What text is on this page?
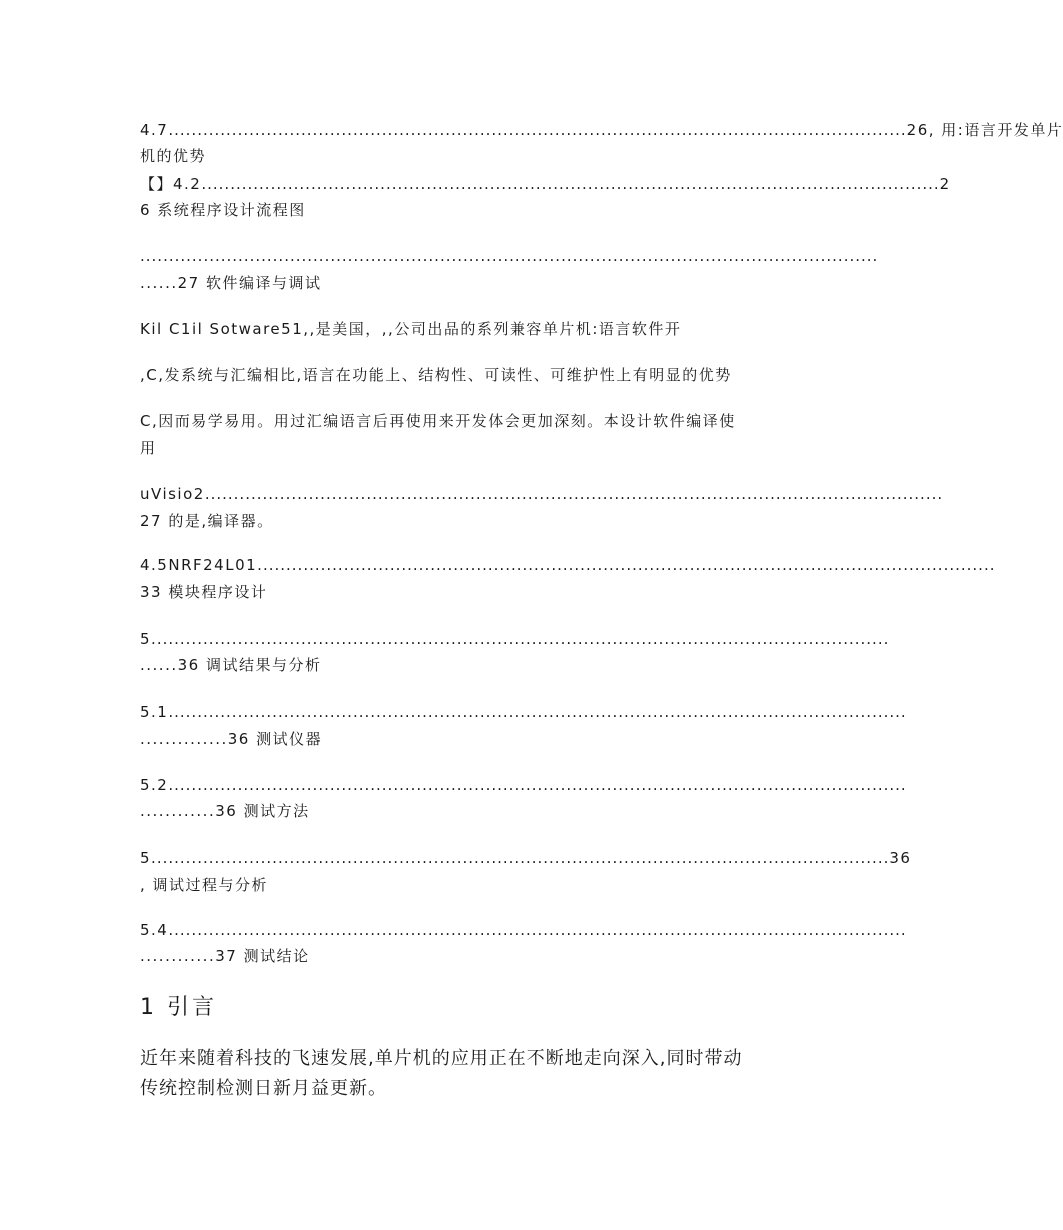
4.7 ................................................................................................................................ 26, 用:语言开发单片
机的优势
【】4.2 ................................................................................................................................ 2
6 系统程序设计流程图
................................................................................................................................
......27 软件编译与调试
Kil C1il Sotware51,,是美国，,,公司出品的系列兼容单片机:语言软件开
,C,发系统与汇编相比,语言在功能上、结构性、可读性、可维护性上有明显的优势
C,因而易学易用。用过汇编语言后再使用来开发体会更加深刻。本设计软件编译使
用
uVisio2 ................................................................................................................................
27 的是,编译器。
4.5NRF24L01 ................................................................................................................................
33 模块程序设计
5 ................................................................................................................................
......36 调试结果与分析
5.1 ................................................................................................................................
..............36 测试仪器
5.2 ................................................................................................................................
............36 测试方法
5 ................................................................................................................................ 36
, 调试过程与分析
5.4 ................................................................................................................................
............37 测试结论
1 引言
近年来随着科技的飞速发展,单片机的应用正在不断地走向深入,同时带动
传统控制检测日新月益更新。
